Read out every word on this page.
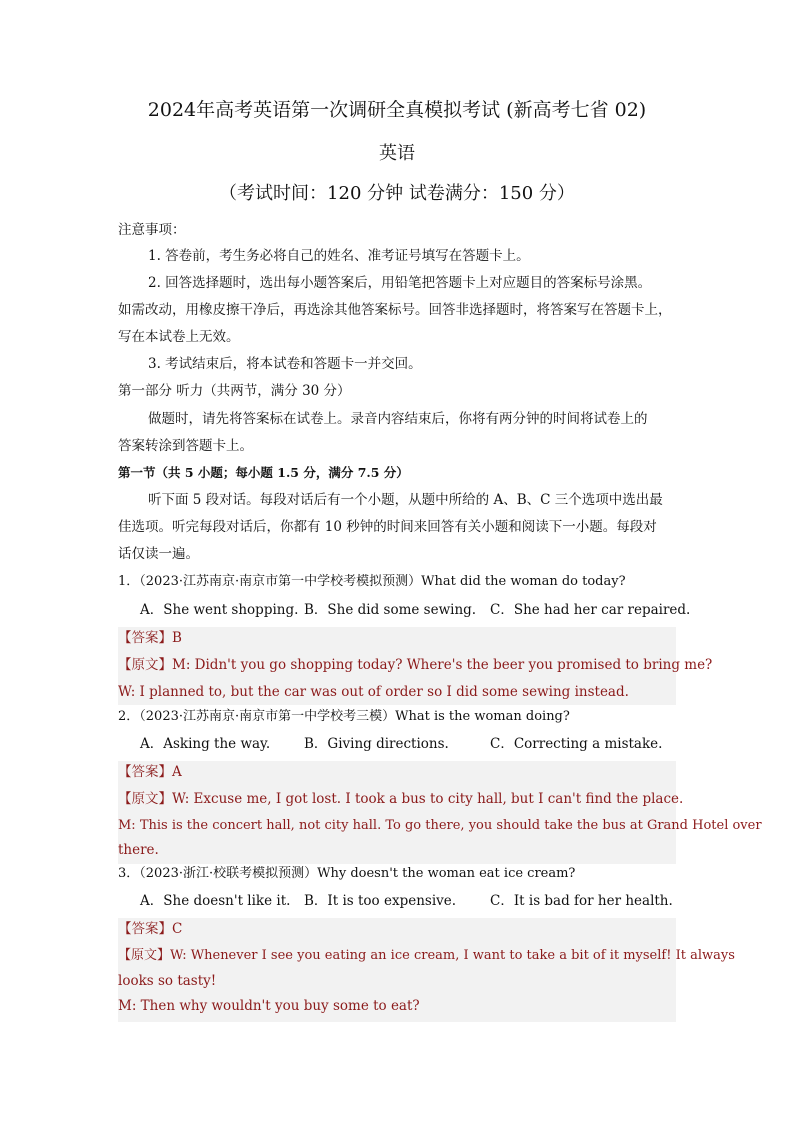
2024年高考英语第一次调研全真模拟考试 (新高考七省 02)
英语
（考试时间：120 分钟 试卷满分：150 分）
注意事项：
1. 答卷前，考生务必将自己的姓名、准考证号填写在答题卡上。
2. 回答选择题时，选出每小题答案后，用铅笔把答题卡上对应题目的答案标号涂黑。
如需改动，用橡皮擦干净后，再选涂其他答案标号。回答非选择题时，将答案写在答题卡上，
写在本试卷上无效。
3. 考试结束后，将本试卷和答题卡一并交回。
第一部分 听力（共两节，满分 30 分）
做题时，请先将答案标在试卷上。录音内容结束后，你将有两分钟的时间将试卷上的
答案转涂到答题卡上。
第一节（共 5 小题；每小题 1.5 分，满分 7.5 分）
听下面 5 段对话。每段对话后有一个小题，从题中所给的 A、B、C 三个选项中选出最
佳选项。听完每段对话后，你都有 10 秒钟的时间来回答有关小题和阅读下一小题。每段对
话仅读一遍。
1．（2023·江苏南京·南京市第一中学校考模拟预测）What did the woman do today?
A．She went shopping. B．She did some sewing. C．She had her car repaired.
【答案】B
【原文】M: Didn't you go shopping today? Where's the beer you promised to bring me?
W: I planned to, but the car was out of order so I did some sewing instead.
2．（2023·江苏南京·南京市第一中学校考三模）What is the woman doing?
A．Asking the way.	B．Giving directions.	C．Correcting a mistake.
【答案】A
【原文】W: Excuse me, I got lost. I took a bus to city hall, but I can't find the place.
M: This is the concert hall, not city hall. To go there, you should take the bus at Grand Hotel over
there.
3．（2023·浙江·校联考模拟预测）Why doesn't the woman eat ice cream?
A．She doesn't like it. B．It is too expensive.	C．It is bad for her health.
【答案】C
【原文】W: Whenever I see you eating an ice cream, I want to take a bit of it myself! It always
looks so tasty!
M: Then why wouldn't you buy some to eat?
